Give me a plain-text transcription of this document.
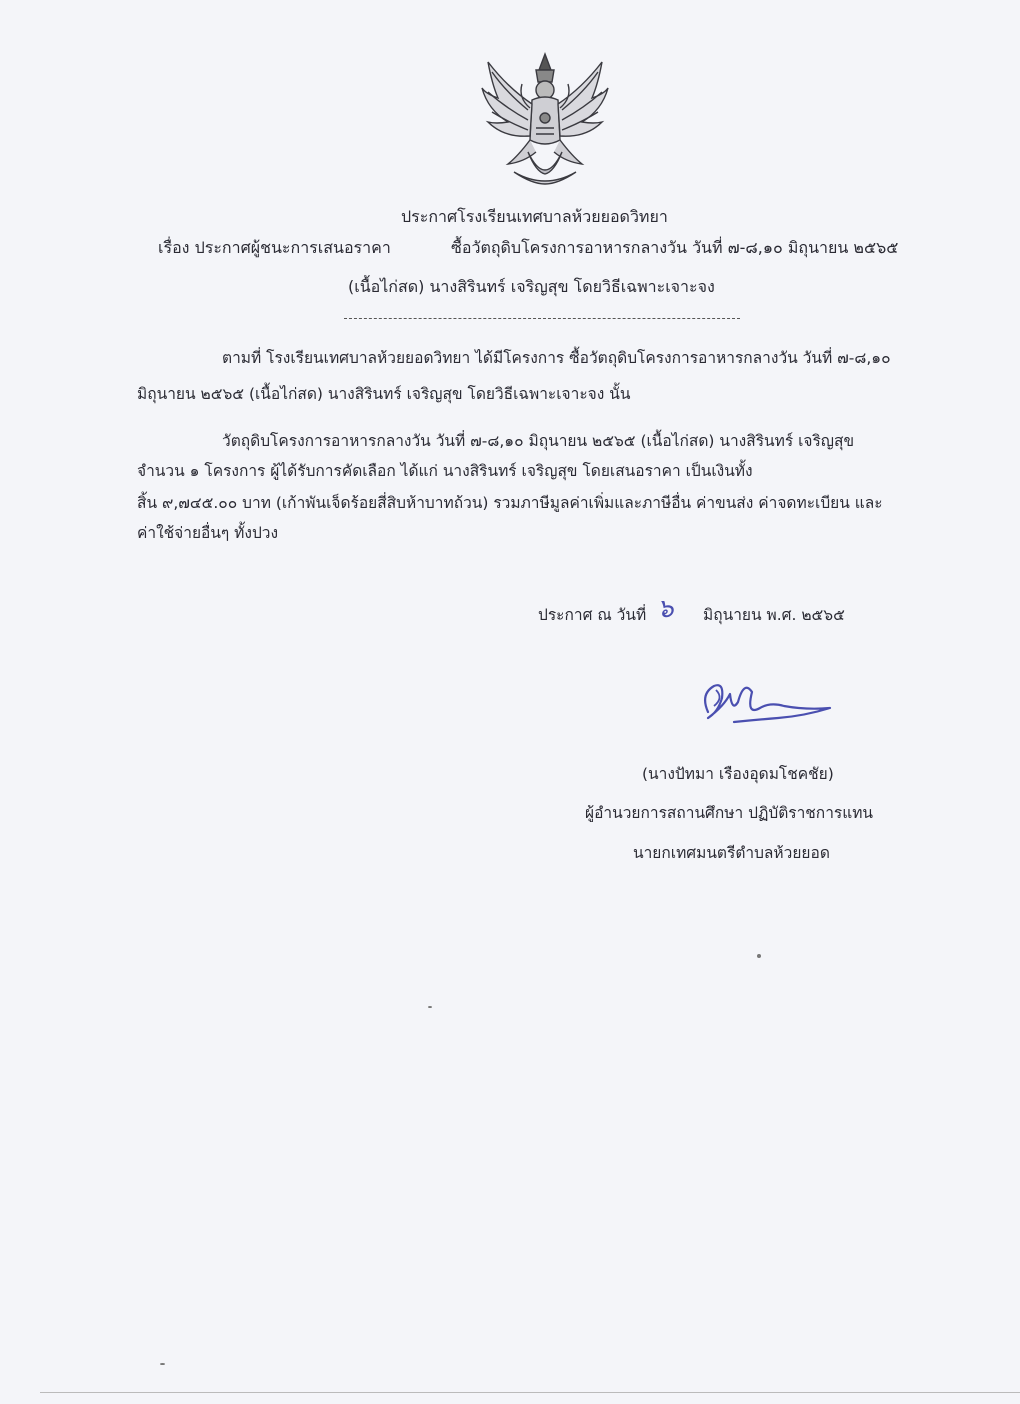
ประกาศโรงเรียนเทศบาลห้วยยอดวิทยา
เรื่อง ประกาศผู้ชนะการเสนอราคา	ซื้อวัตถุดิบโครงการอาหารกลางวัน วันที่ ๗-๘,๑๐ มิถุนายน ๒๕๖๕
(เนื้อไก่สด) นางสิรินทร์ เจริญสุข โดยวิธีเฉพาะเจาะจง
ตามที่ โรงเรียนเทศบาลห้วยยอดวิทยา ได้มีโครงการ ซื้อวัตถุดิบโครงการอาหารกลางวัน วันที่ ๗-๘,๑๐
มิถุนายน ๒๕๖๕ (เนื้อไก่สด) นางสิรินทร์ เจริญสุข โดยวิธีเฉพาะเจาะจง นั้น
วัตถุดิบโครงการอาหารกลางวัน วันที่ ๗-๘,๑๐ มิถุนายน ๒๕๖๕ (เนื้อไก่สด) นางสิรินทร์ เจริญสุข
จำนวน ๑ โครงการ ผู้ได้รับการคัดเลือก ได้แก่ นางสิรินทร์ เจริญสุข โดยเสนอราคา เป็นเงินทั้ง
สิ้น ๙,๗๔๕.๐๐ บาท (เก้าพันเจ็ดร้อยสี่สิบห้าบาทถ้วน) รวมภาษีมูลค่าเพิ่มและภาษีอื่น ค่าขนส่ง ค่าจดทะเบียน และ
ค่าใช้จ่ายอื่นๆ ทั้งปวง
ประกาศ ณ วันที่ ๖ มิถุนายน พ.ศ. ๒๕๖๕
(นางปัทมา เรืองอุดมโชคชัย)
ผู้อำนวยการสถานศึกษา ปฏิบัติราชการแทน
นายกเทศมนตรีตำบลห้วยยอด
